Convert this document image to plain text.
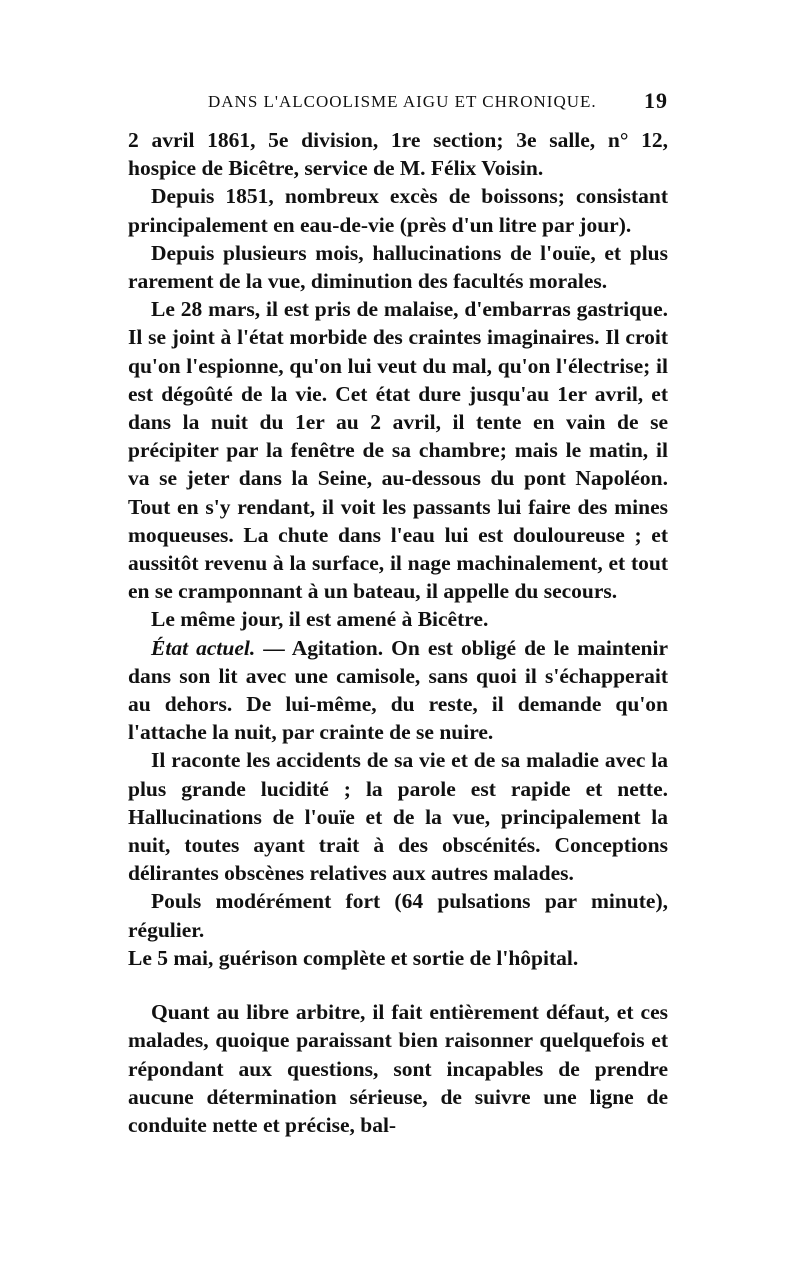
DANS L'ALCOOLISME AIGU ET CHRONIQUE. 19

2 avril 1861, 5e division, 1re section; 3e salle, n° 12, hospice de Bicêtre, service de M. Félix Voisin.

Depuis 1851, nombreux excès de boissons; consistant principalement en eau-de-vie (près d'un litre par jour).

Depuis plusieurs mois, hallucinations de l'ouïe, et plus rarement de la vue, diminution des facultés morales.

Le 28 mars, il est pris de malaise, d'embarras gastrique. Il se joint à l'état morbide des craintes imaginaires. Il croit qu'on l'espionne, qu'on lui veut du mal, qu'on l'électrise; il est dégoûté de la vie. Cet état dure jusqu'au 1er avril, et dans la nuit du 1er au 2 avril, il tente en vain de se précipiter par la fenêtre de sa chambre; mais le matin, il va se jeter dans la Seine, au-dessous du pont Napoléon. Tout en s'y rendant, il voit les passants lui faire des mines moqueuses. La chute dans l'eau lui est douloureuse ; et aussitôt revenu à la surface, il nage machinalement, et tout en se cramponnant à un bateau, il appelle du secours.

Le même jour, il est amené à Bicêtre.

État actuel. — Agitation. On est obligé de le maintenir dans son lit avec une camisole, sans quoi il s'échapperait au dehors. De lui-même, du reste, il demande qu'on l'attache la nuit, par crainte de se nuire.

Il raconte les accidents de sa vie et de sa maladie avec la plus grande lucidité ; la parole est rapide et nette. Hallucinations de l'ouïe et de la vue, principalement la nuit, toutes ayant trait à des obscénités. Conceptions délirantes obscènes relatives aux autres malades.

Pouls modérément fort (64 pulsations par minute), régulier.

Le 5 mai, guérison complète et sortie de l'hôpital.

Quant au libre arbitre, il fait entièrement défaut, et ces malades, quoique paraissant bien raisonner quelquefois et répondant aux questions, sont incapables de prendre aucune détermination sérieuse, de suivre une ligne de conduite nette et précise, bal-
